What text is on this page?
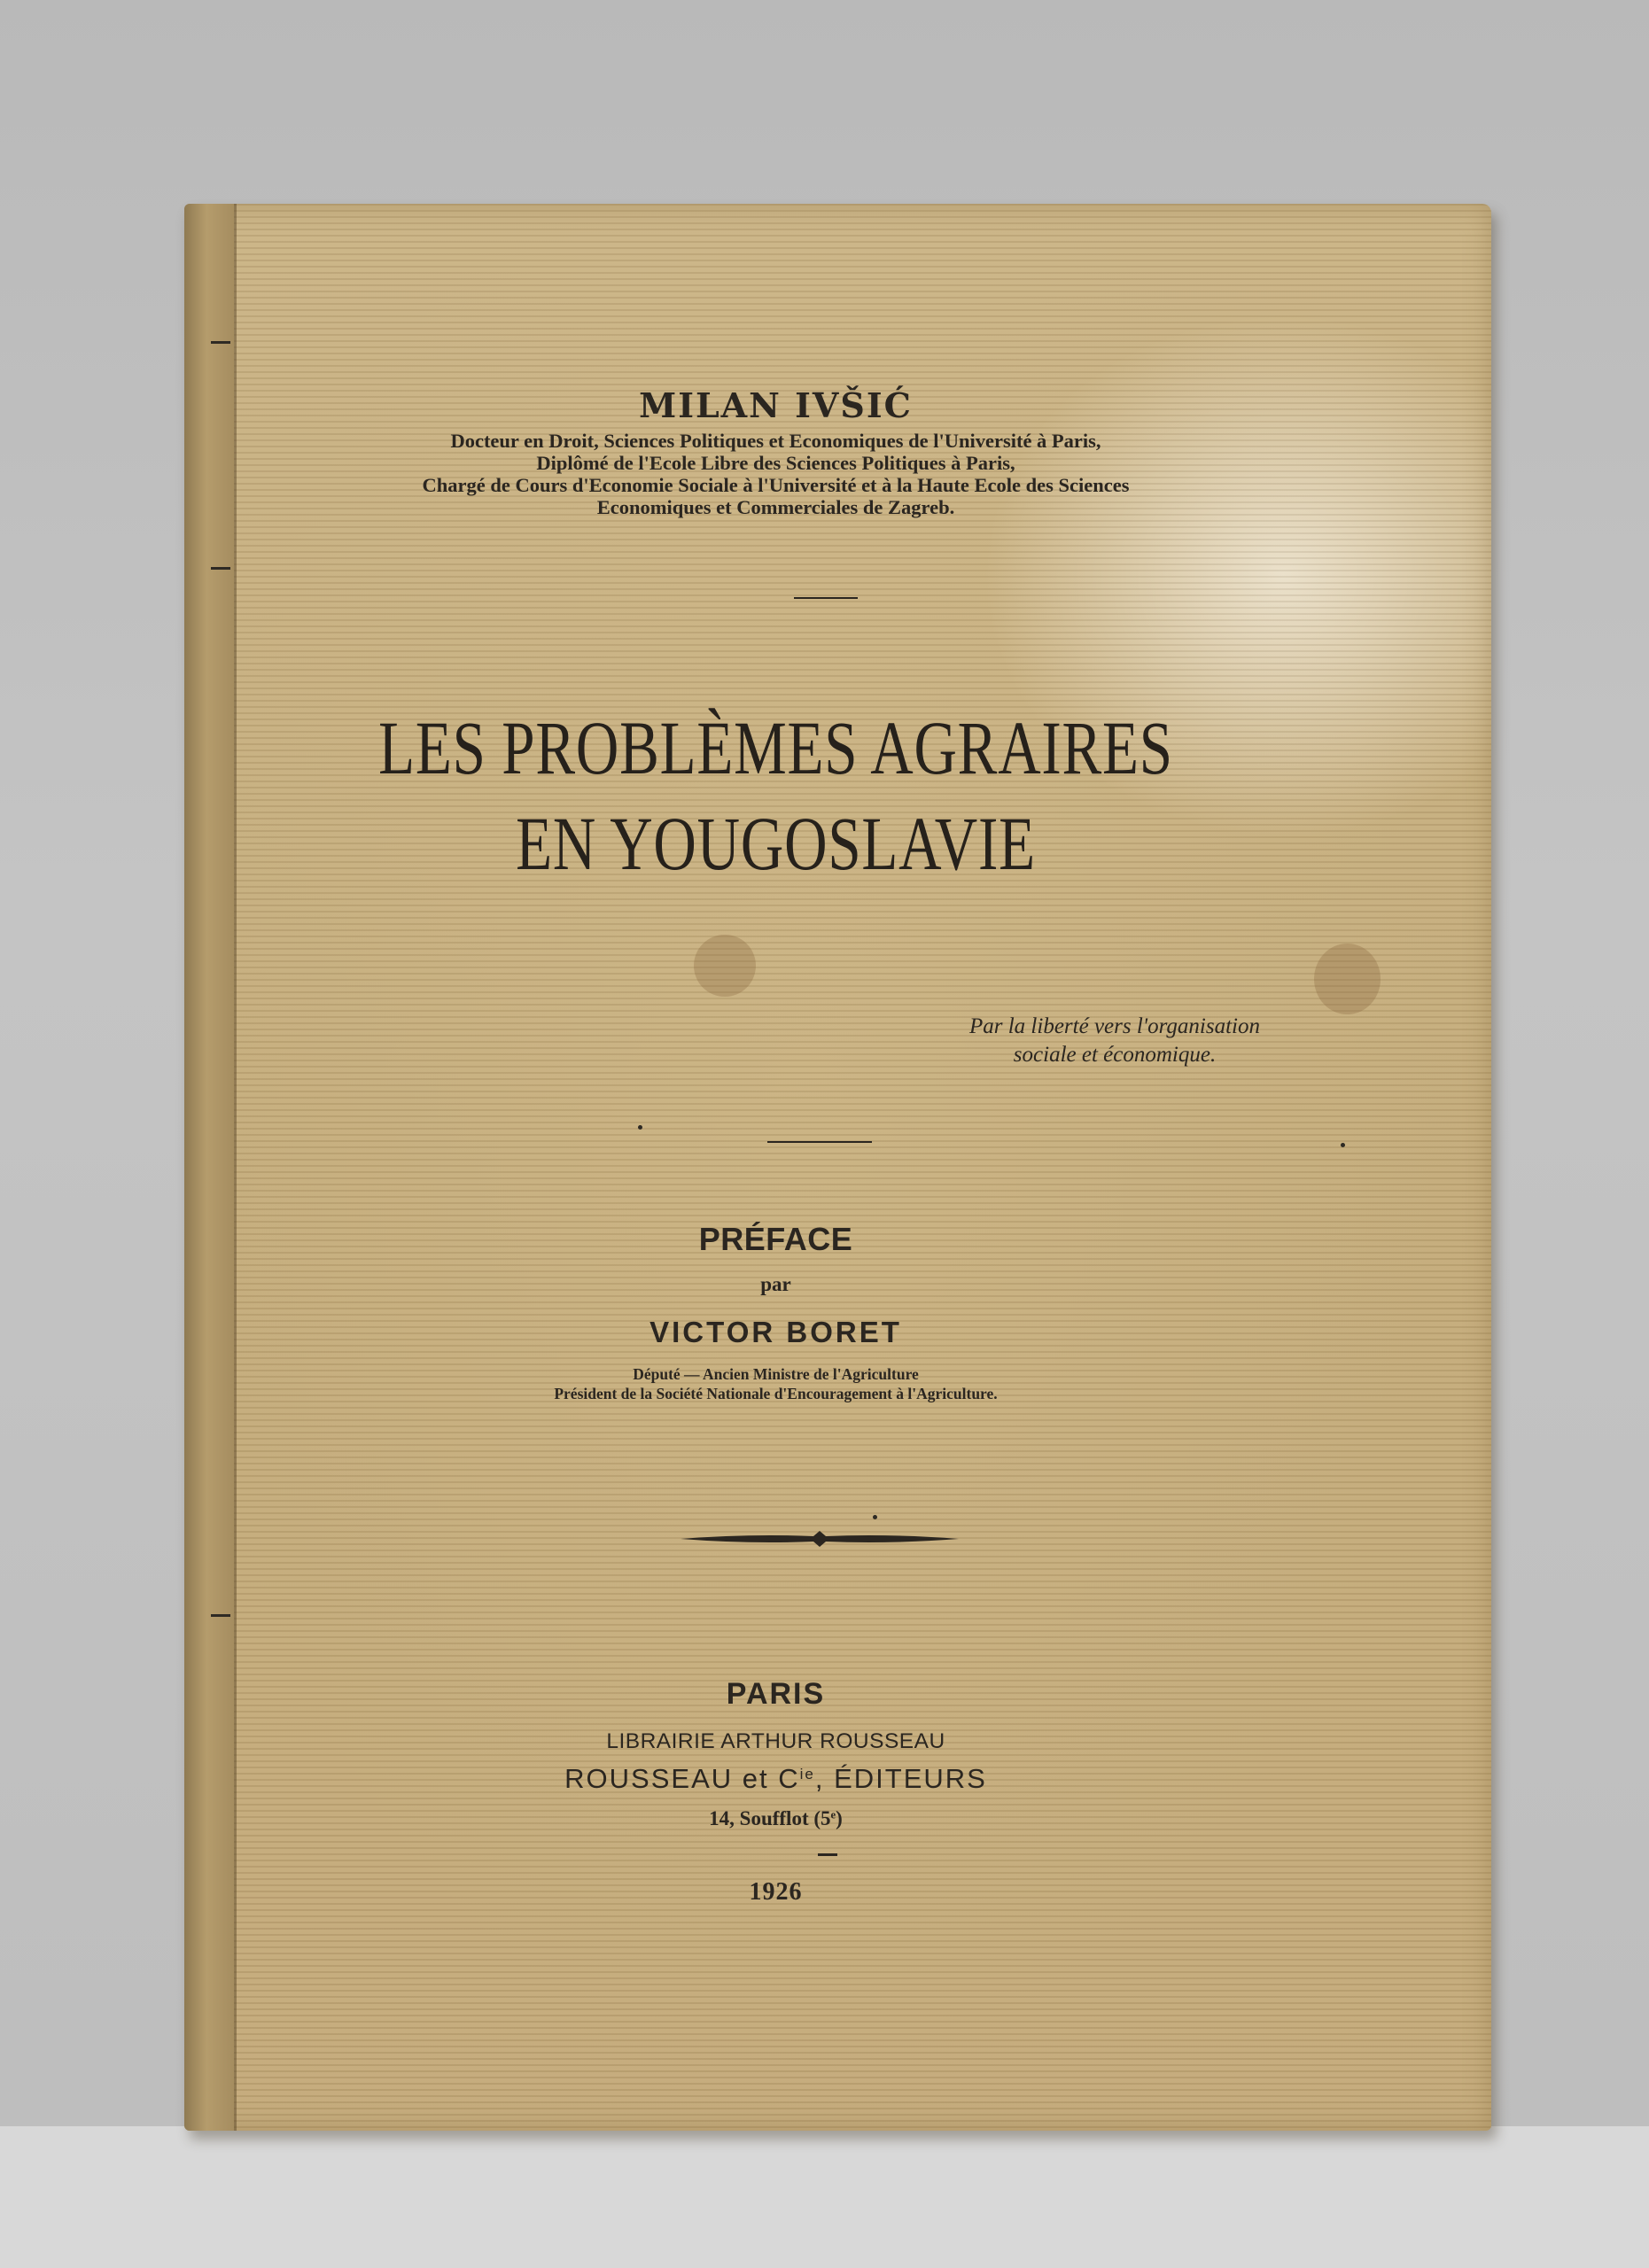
MILAN IVŠIĆ
Docteur en Droit, Sciences Politiques et Economiques de l'Université à Paris,
Diplômé de l'Ecole Libre des Sciences Politiques à Paris,
Chargé de Cours d'Economie Sociale à l'Université et à la Haute Ecole des Sciences
Economiques et Commerciales de Zagreb.
LES PROBLÈMES AGRAIRES
EN YOUGOSLAVIE
Par la liberté vers l'organisation
sociale et économique.
PRÉFACE
par
VICTOR BORET
Député — Ancien Ministre de l'Agriculture
Président de la Société Nationale d'Encouragement à l'Agriculture.
PARIS
LIBRAIRIE ARTHUR ROUSSEAU
ROUSSEAU et $C^{ie}$, ÉDITEURS
14, Soufflot (5e)
1926
